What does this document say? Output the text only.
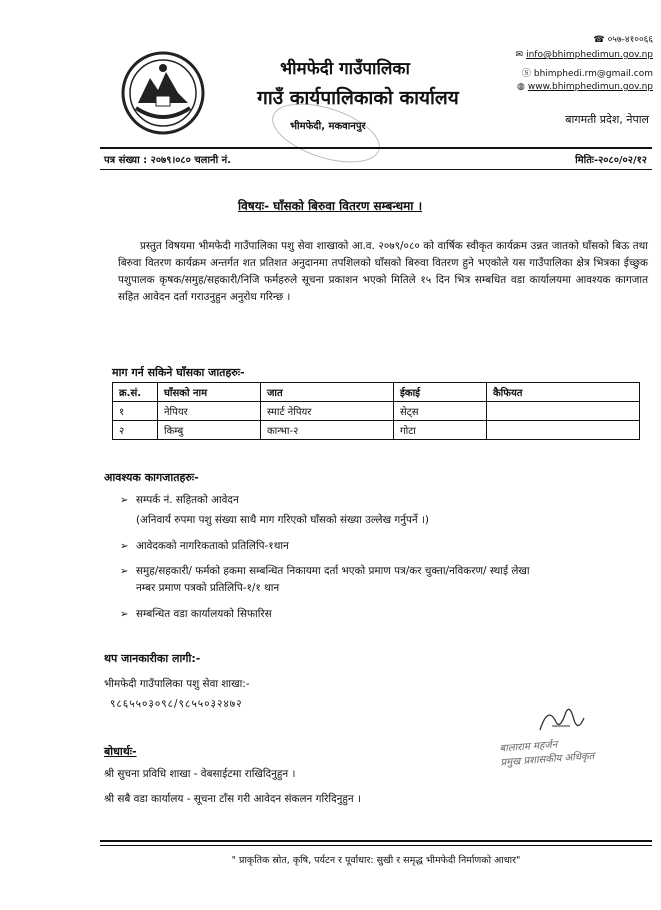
भीमफेदी गाउँपालिका
गाउँ कार्यपालिकाको कार्यालय
भीमफेदी, मकवानपुर
☎ ०५७-४१००६६
✉ info@bhimphedimun.gov.np
Ⓢ bhimphedi.rm@gmail.com
◍ www.bhimphedimun.gov.np
बागमती प्रदेश, नेपाल
पत्र संख्या : २०७९।०८० चलानी नं.	मितिः-२०८०/०२/१२
विषयः- घाँसको बिरुवा वितरण सम्बन्धमा ।
प्रस्तुत विषयमा भीमफेदी गाउँपालिका पशु सेवा शाखाको आ.व. २०७९/०८० को वार्षिक स्वीकृत कार्यक्रम उन्नत जातको घाँसको बिऊ तथा बिरुवा वितरण कार्यक्रम अन्तर्गत शत प्रतिशत अनुदानमा तपशिलको घाँसको बिरुवा वितरण हुने भएकोले यस गाउँपालिका क्षेत्र भित्रका ईच्छुक पशुपालक कृषक/समुह/सहकारी/निजि फर्महरुले सूचना प्रकाशन भएको मितिले १५ दिन भित्र सम्बधित वडा कार्यालयमा आवश्यक कागजात सहित आवेदन दर्ता गराउनुहुन अनुरोध गरिन्छ ।
माग गर्न सकिने घाँसका जातहरुः-
क्र.सं.	घाँसको नाम	जात	ईकाई	कैफियत
१	नेपियर	स्मार्ट नेपियर	सेट्स	
२	किम्बु	कान्भा-२	गोटा	
आवश्यक कागजातहरुः-
➢ सम्पर्क नं. सहितको आवेदन
(अनिवार्य रुपमा पशु संख्या साथै माग गरिएको घाँसको संख्या उल्लेख गर्नुपर्ने ।)
➢ आवेदकको नागरिकताको प्रतिलिपि-१थान
➢ समुह/सहकारी/ फर्मको हकमा सम्बन्धित निकायमा दर्ता भएको प्रमाण पत्र/कर चुक्ता/नविकरण/ स्थाई लेखा
नम्बर प्रमाण पत्रको प्रतिलिपि-१/१ थान
➢ सम्बन्धित वडा कार्यालयको सिफारिस
थप जानकारीका लागी:-
भीमफेदी गाउँपालिका पशु सेवा शाखा:-
९८६५५०३०९८/९८५५०३२४७२
बालाराम महर्जन
प्रमुख प्रशासकीय अधिकृत
बोधार्थः-
श्री सुचना प्रविधि शाखा - वेबसाईटमा राखिदिनुहुन ।
श्री सबै वडा कार्यालय - सूचना टाँस गरी आवेदन संकलन गरिदिनुहुन ।
" प्राकृतिक स्रोत, कृषि, पर्यटन र पूर्वाधार: सुखी र समृद्ध भीमफेदी निर्माणको आधार"
